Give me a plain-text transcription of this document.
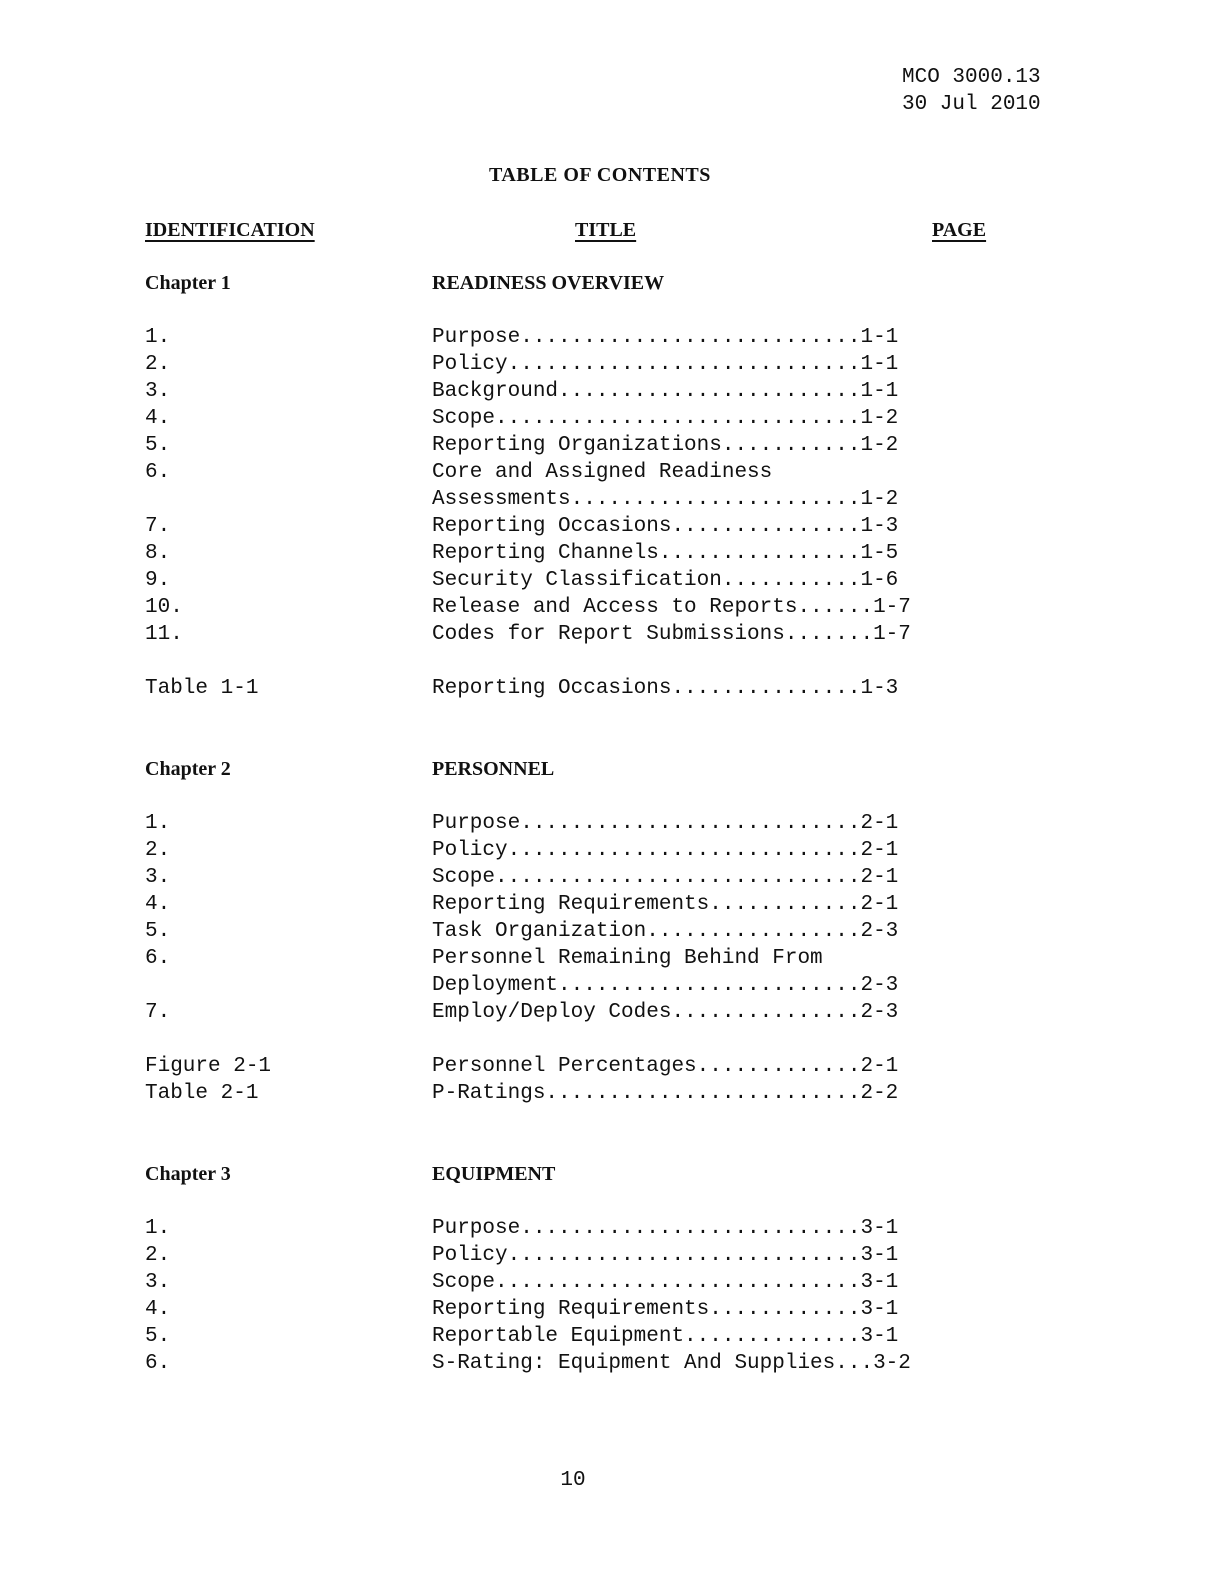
MCO 3000.13
30 Jul 2010
TABLE OF CONTENTS
IDENTIFICATION	TITLE	PAGE
Chapter 1	READINESS OVERVIEW
1.	Purpose...........................1-1
2.	Policy............................1-1
3.	Background........................1-1
4.	Scope.............................1-2
5.	Reporting Organizations...........1-2
6.	Core and Assigned Readiness
Assessments.......................1-2
7.	Reporting Occasions...............1-3
8.	Reporting Channels................1-5
9.	Security Classification...........1-6
10.	Release and Access to Reports......1-7
11.	Codes for Report Submissions.......1-7
Table 1-1	Reporting Occasions...............1-3
Chapter 2	PERSONNEL
1.	Purpose...........................2-1
2.	Policy............................2-1
3.	Scope.............................2-1
4.	Reporting Requirements............2-1
5.	Task Organization.................2-3
6.	Personnel Remaining Behind From
Deployment........................2-3
7.	Employ/Deploy Codes...............2-3
Figure 2-1	Personnel Percentages.............2-1
Table 2-1	P-Ratings.........................2-2
Chapter 3	EQUIPMENT
1.	Purpose...........................3-1
2.	Policy............................3-1
3.	Scope.............................3-1
4.	Reporting Requirements............3-1
5.	Reportable Equipment..............3-1
6.	S-Rating: Equipment And Supplies...3-2
10
